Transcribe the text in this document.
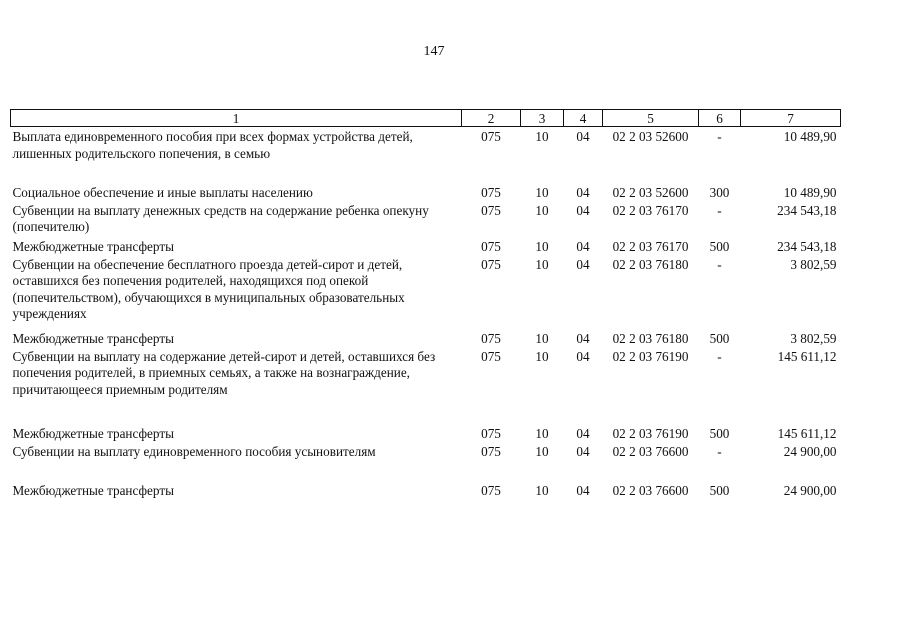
147
1	2	3	4	5	6	7
Выплата единовременного пособия при всех формах устройства детей, лишенных родительского попечения, в семью	075	10	04	02 2 03 52600	-	10 489,90
Социальное обеспечение и иные выплаты населению	075	10	04	02 2 03 52600	300	10 489,90
Субвенции на выплату денежных средств на содержание ребенка опекуну (попечителю)	075	10	04	02 2 03 76170	-	234 543,18
Межбюджетные трансферты	075	10	04	02 2 03 76170	500	234 543,18
Субвенции на обеспечение бесплатного проезда детей-сирот и детей, оставшихся без попечения родителей, находящихся под опекой (попечительством), обучающихся в муниципальных образовательных учреждениях	075	10	04	02 2 03 76180	-	3 802,59
Межбюджетные трансферты	075	10	04	02 2 03 76180	500	3 802,59
Субвенции на выплату на содержание детей-сирот и детей, оставшихся без попечения родителей, в приемных семьях, а также на вознаграждение, причитающееся приемным родителям	075	10	04	02 2 03 76190	-	145 611,12
Межбюджетные трансферты	075	10	04	02 2 03 76190	500	145 611,12
Субвенции на выплату единовременного пособия усыновителям	075	10	04	02 2 03 76600	-	24 900,00
Межбюджетные трансферты	075	10	04	02 2 03 76600	500	24 900,00
